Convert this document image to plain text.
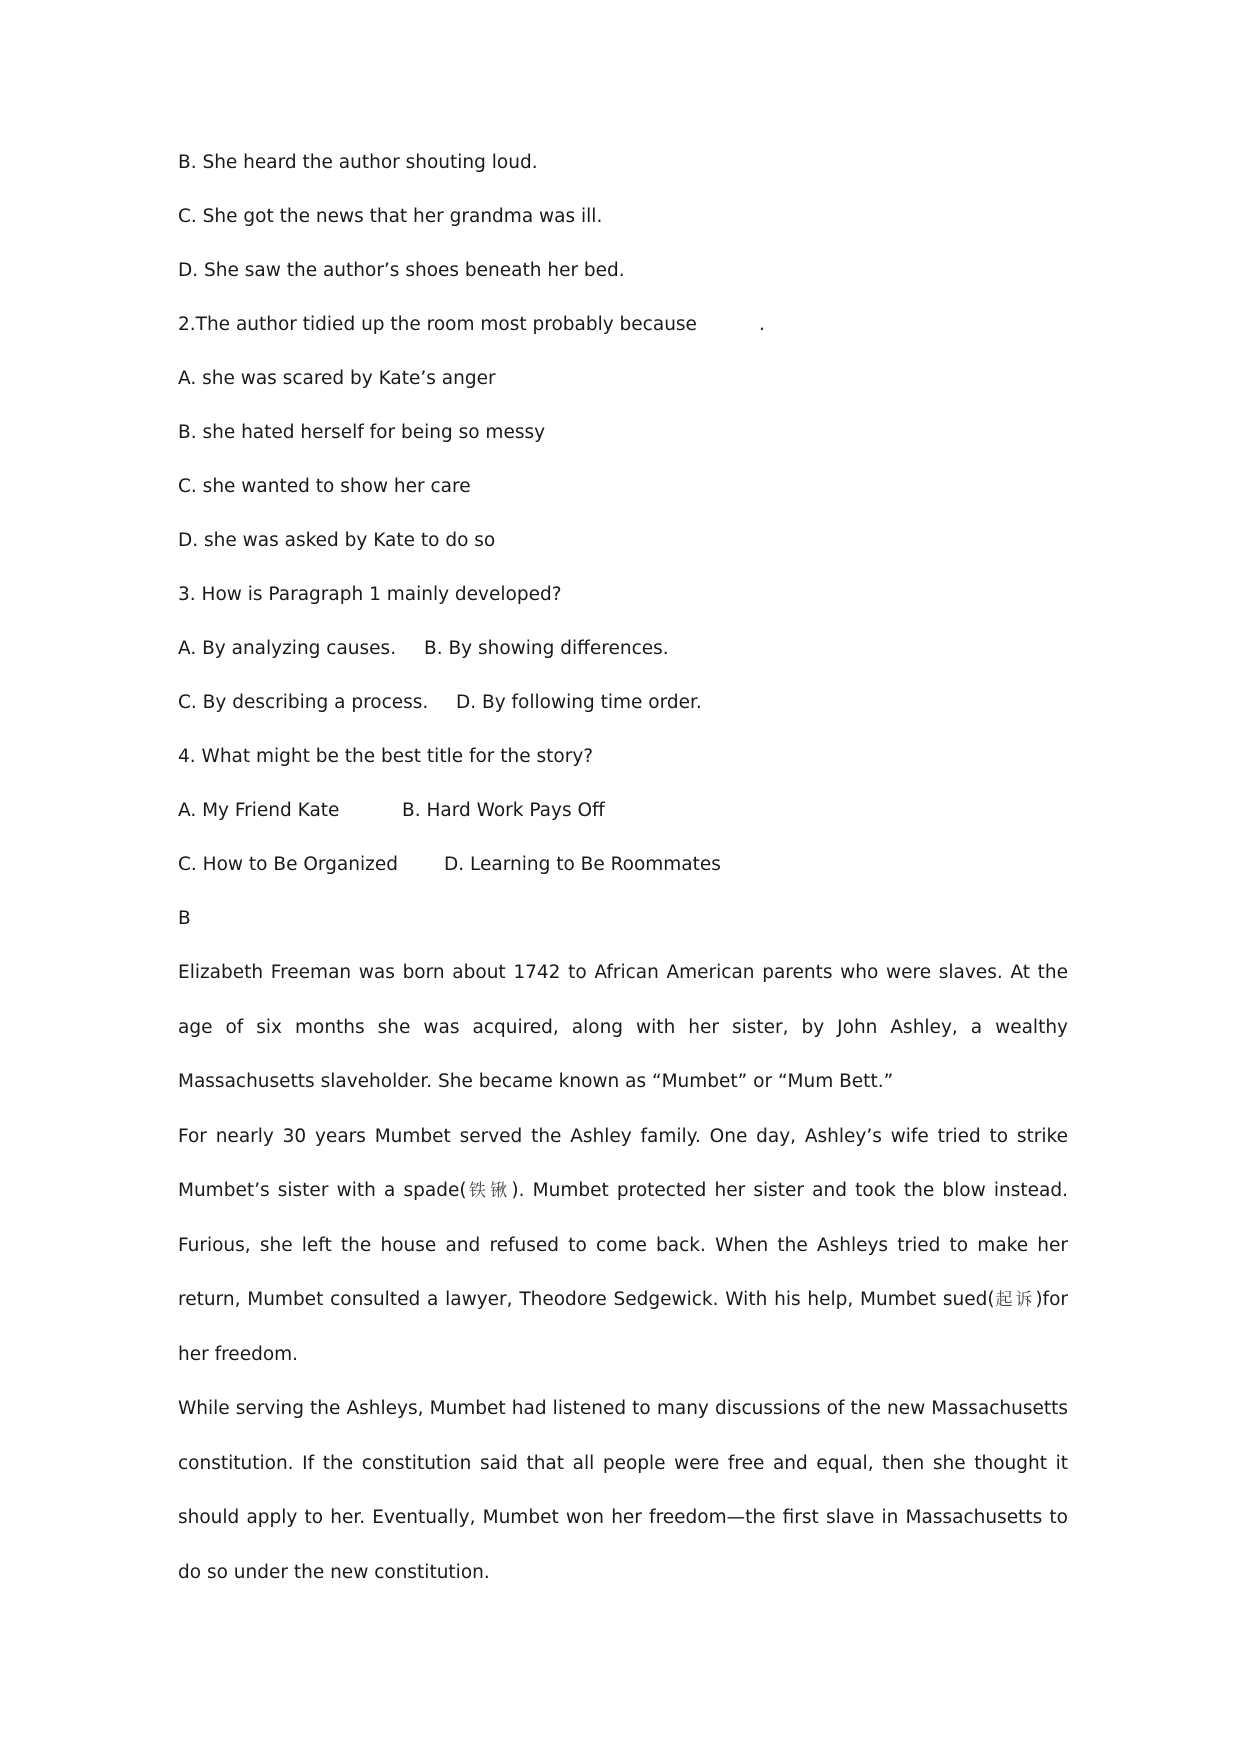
B. She heard the author shouting loud.
C. She got the news that her grandma was ill.
D. She saw the author’s shoes beneath her bed.
2.The author tidied up the room most probably because	.
A. she was scared by Kate’s anger
B. she hated herself for being so messy
C. she wanted to show her care
D. she was asked by Kate to do so
3. How is Paragraph 1 mainly developed?
A. By analyzing causes. B. By showing differences.
C. By describing a process. D. By following time order.
4. What might be the best title for the story?
A. My Friend Kate	B. Hard Work Pays Off
C. How to Be Organized D. Learning to Be Roommates
B

Elizabeth Freeman was born about 1742 to African American parents who were slaves. At the age of six months she was acquired, along with her sister, by John Ashley, a wealthy Massachusetts slaveholder. She became known as “Mumbet” or “Mum Bett.”

For nearly 30 years Mumbet served the Ashley family. One day, Ashley’s wife tried to strike Mumbet’s sister with a spade(铁锹). Mumbet protected her sister and took the blow instead. Furious, she left the house and refused to come back. When the Ashleys tried to make her return, Mumbet consulted a lawyer, Theodore Sedgewick. With his help, Mumbet sued(起诉)for her freedom.

While serving the Ashleys, Mumbet had listened to many discussions of the new Massachusetts constitution. If the constitution said that all people were free and equal, then she thought it should apply to her. Eventually, Mumbet won her freedom—the first slave in Massachusetts to do so under the new constitution.
